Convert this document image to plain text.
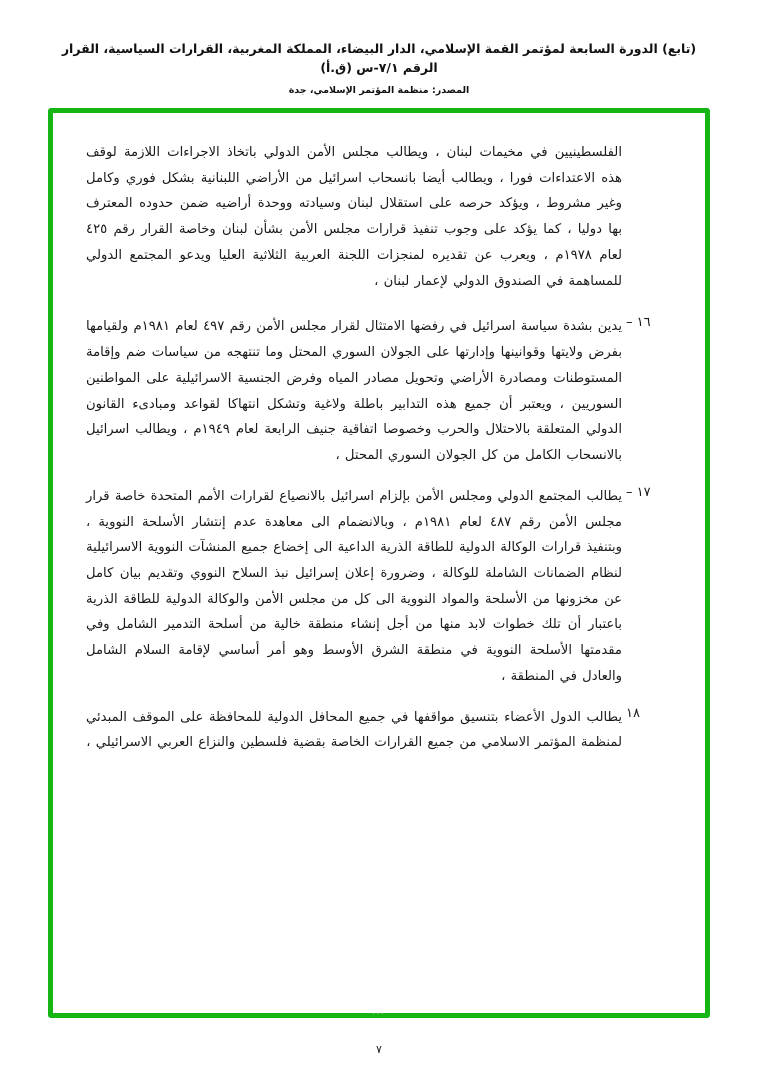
(تابع) الدورة السابعة لمؤتمر القمة الإسلامي، الدار البيضاء، المملكة المغربية، القرارات السياسية، القرار الرقم ٧/١-س (ق.أ)
المصدر: منظمة المؤتمر الإسلامي، جدة
الفلسطينيين في مخيمات لبنان ، ويطالب مجلس الأمن الدولي باتخاذ الاجراءات اللازمة لوقف هذه الاعتداءات فورا ، ويطالب أيضا بانسحاب اسرائيل من الأراضي اللبنانية بشكل فوري وكامل وغير مشروط ، ويؤكد حرصه على استقلال لبنان وسيادته ووحدة أراضيه ضمن حدوده المعترف بها دوليا ، كما يؤكد على وجوب تنفيذ قرارات مجلس الأمن بشأن لبنان وخاصة القرار رقم ٤٢٥ لعام ١٩٧٨م ، ويعرب عن تقديره لمنجزات اللجنة العربية الثلاثية العليا ويدعو المجتمع الدولي للمساهمة في الصندوق الدولي لإعمار لبنان ،
١٦ –
يدين بشدة سياسة اسرائيل في رفضها الامتثال لقرار مجلس الأمن رقم ٤٩٧ لعام ١٩٨١م ولقيامها بفرض ولايتها وقوانينها وإدارتها على الجولان السوري المحتل وما تنتهجه من سياسات ضم وإقامة المستوطنات ومصادرة الأراضي وتحويل مصادر المياه وفرض الجنسية الاسرائيلية على المواطنين السوريين ، ويعتبر أن جميع هذه التدابير باطلة ولاغية وتشكل انتهاكا لقواعد ومبادىء القانون الدولي المتعلقة بالاحتلال والحرب وخصوصا اتفاقية جنيف الرابعة لعام ١٩٤٩م ، ويطالب اسرائيل بالانسحاب الكامل من كل الجولان السوري المحتل ،
١٧ –
يطالب المجتمع الدولي ومجلس الأمن بإلزام اسرائيل بالانصياع لقرارات الأمم المتحدة خاصة قرار مجلس الأمن رقم ٤٨٧ لعام ١٩٨١م ، وبالانضمام الى معاهدة عدم إنتشار الأسلحة النووية ، وبتنفيذ قرارات الوكالة الدولية للطاقة الذرية الداعية الى إخضاع جميع المنشآت النووية الاسرائيلية لنظام الضمانات الشاملة للوكالة ، وضرورة إعلان إسرائيل نبذ السلاح النووي وتقديم بيان كامل عن مخزونها من الأسلحة والمواد النووية الى كل من مجلس الأمن والوكالة الدولية للطاقة الذرية باعتبار أن تلك خطوات لابد منها من أجل إنشاء منطقة خالية من أسلحة التدمير الشامل وفي مقدمتها الأسلحة النووية في منطقة الشرق الأوسط وهو أمر أساسي لإقامة السلام الشامل والعادل في المنطقة ،
١٨
يطالب الدول الأعضاء بتنسيق مواقفها في جميع المحافل الدولية للمحافظة على الموقف المبدئي لمنظمة المؤتمر الاسلامي من جميع القرارات الخاصة بقضية فلسطين والنزاع العربي الاسرائيلي ،
...
٧
